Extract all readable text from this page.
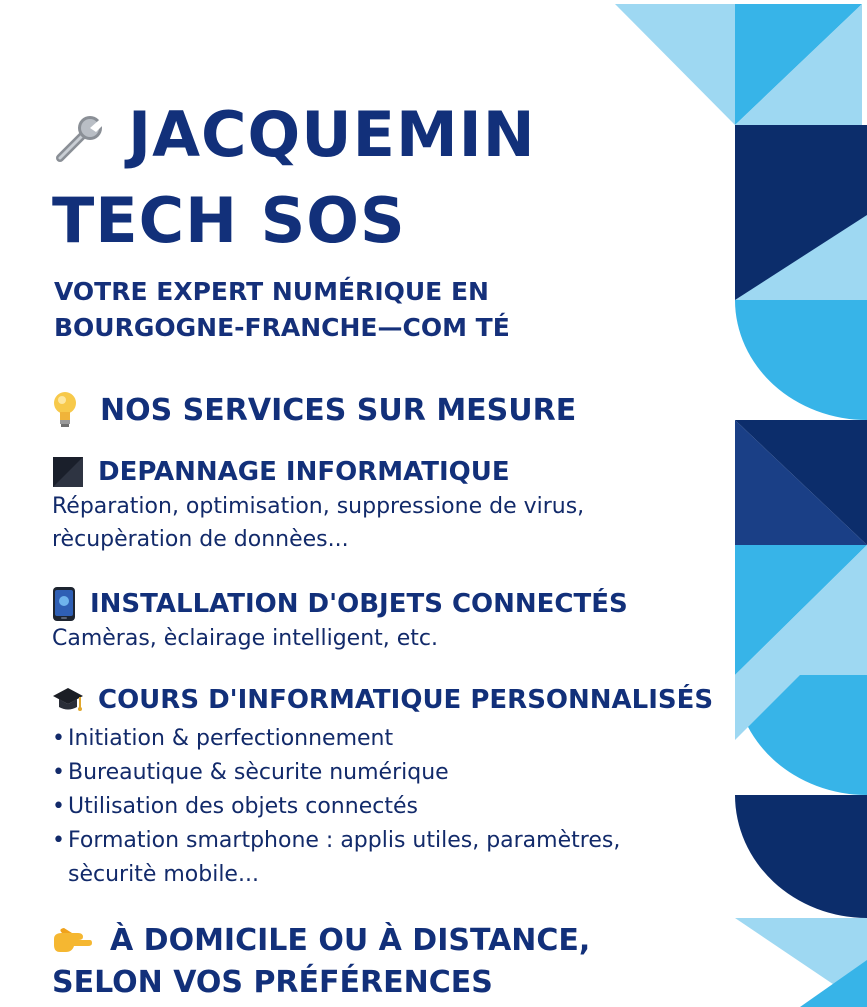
JACQUEMIN
TECH SOS
VOTRE EXPERT NUMÉRIQUE EN
BOURGOGNE-FRANCHE—COM TÉ
NOS SERVICES SUR MESURE
DEPANNAGE INFORMATIQUE
Réparation, optimisation, suppressione de virus,
rècupèration de donnèes...
INSTALLATION D'OBJETS CONNECTÉS
Camèras, èclairage intelligent, etc.
COURS D'INFORMATIQUE PERSONNALISÉS
• Initiation & perfectionnement
• Bureautique & sècurite numérique
• Utilisation des objets connectés
• Formation smartphone : applis utiles, paramètres,
sècuritè mobile...
À DOMICILE OU À DISTANCE,
SELON VOS PRÉFÉRENCES
